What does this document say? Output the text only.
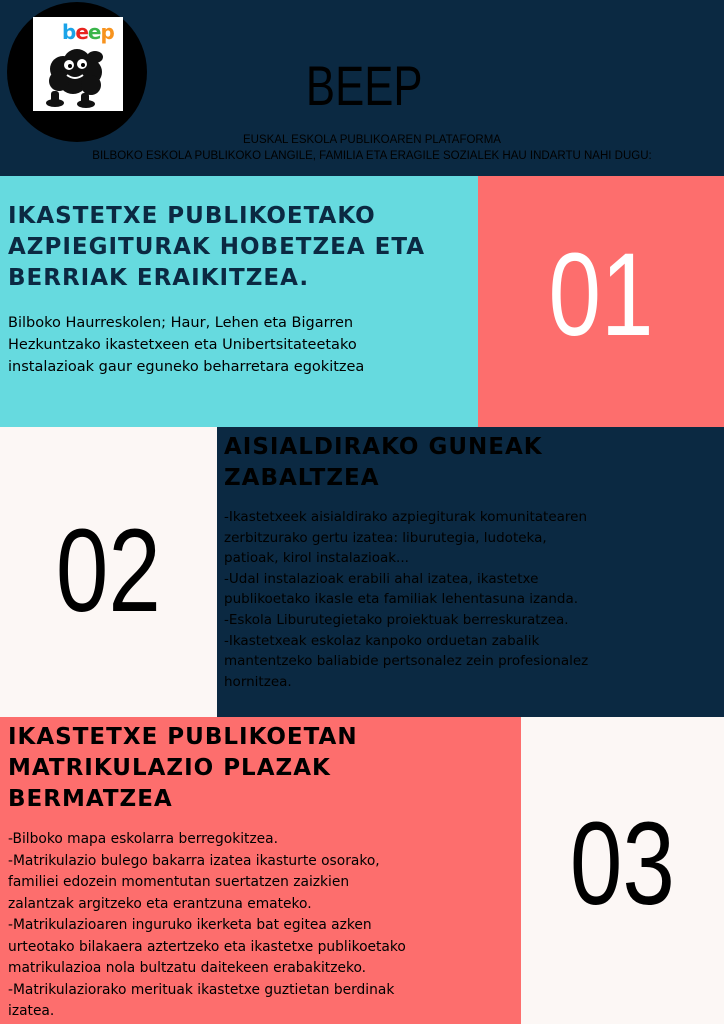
beep
BEEP
EUSKAL ESKOLA PUBLIKOAREN PLATAFORMA
BILBOKO ESKOLA PUBLIKOKO LANGILE, FAMILIA ETA ERAGILE SOZIALEK HAU INDARTU NAHI DUGU:
01
IKASTETXE PUBLIKOETAKO
AZPIEGITURAK HOBETZEA ETA
BERRIAK ERAIKITZEA.
Bilboko Haurreskolen; Haur, Lehen eta Bigarren
Hezkuntzako ikastetxeen eta Unibertsitateetako
instalazioak gaur eguneko beharretara egokitzea
02
AISIALDIRAKO GUNEAK
ZABALTZEA
-Ikastetxeek aisialdirako azpiegiturak komunitatearen
zerbitzurako gertu izatea: liburutegia, ludoteka,
patioak, kirol instalazioak...
-Udal instalazioak erabili ahal izatea, ikastetxe
publikoetako ikasle eta familiak lehentasuna izanda.
-Eskola Liburutegietako proiektuak berreskuratzea.
-Ikastetxeak eskolaz kanpoko orduetan zabalik
mantentzeko baliabide pertsonalez zein profesionalez
hornitzea.
03
IKASTETXE PUBLIKOETAN
MATRIKULAZIO PLAZAK
BERMATZEA
-Bilboko mapa eskolarra berregokitzea.
-Matrikulazio bulego bakarra izatea ikasturte osorako,
familiei edozein momentutan suertatzen zaizkien
zalantzak argitzeko eta erantzuna emateko.
-Matrikulazioaren inguruko ikerketa bat egitea azken
urteotako bilakaera aztertzeko eta ikastetxe publikoetako
matrikulazioa nola bultzatu daitekeen erabakitzeko.
-Matrikulaziorako merituak ikastetxe guztietan berdinak
izatea.
